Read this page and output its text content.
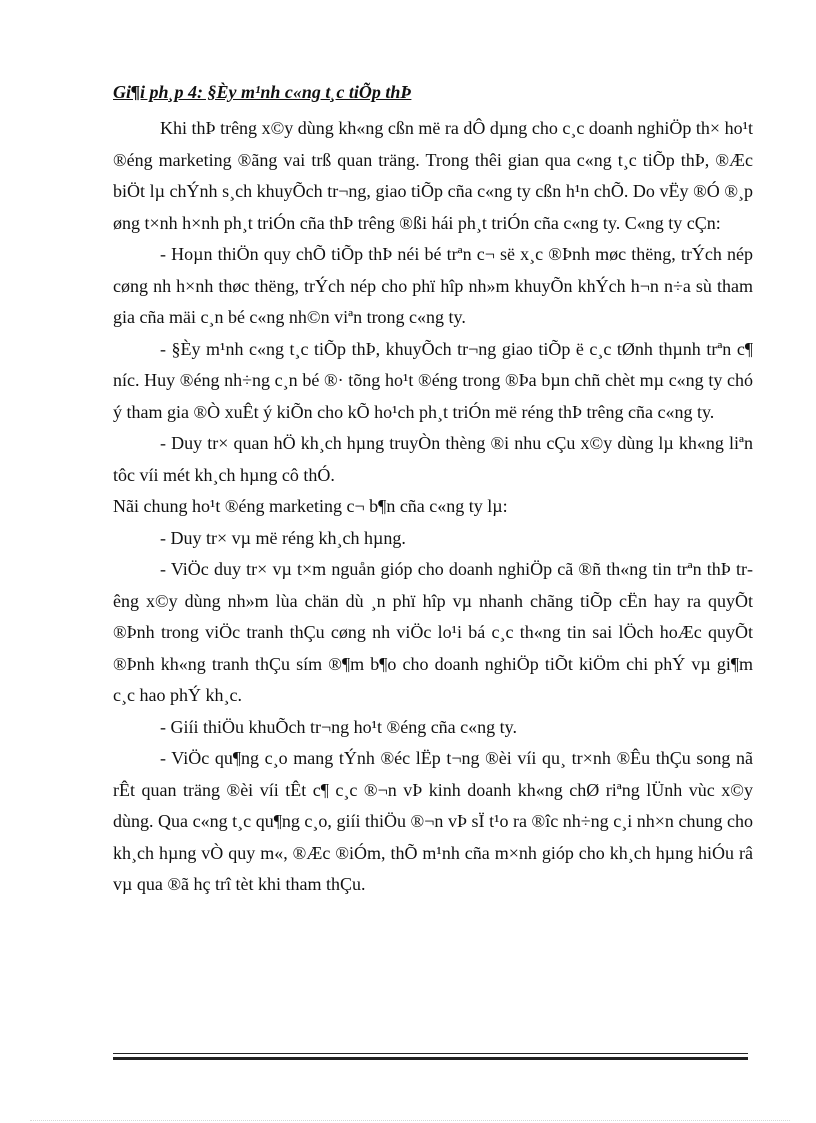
Gi¶i ph¸p 4: §Èy m¹nh c«ng t¸c tiÕp thÞ

Khi thÞ trêng x©y dùng kh«ng cßn më ra dÔ dµng cho c¸c doanh nghiÖp th× ho¹t ®éng marketing ®ãng vai trß quan träng. Trong thêi gian qua c«ng t¸c tiÕp thÞ, ®Æc biÖt lµ chÝnh s¸ch khuyÕch tr¬ng, giao tiÕp cña c«ng ty cßn h¹n chÕ. Do vËy ®Ó ®¸p øng t×nh h×nh ph¸t triÓn cña thÞ trêng ®ßi hái ph¸t triÓn cña c«ng ty. C«ng ty cÇn:

- Hoµn thiÖn quy chÕ tiÕp thÞ néi bé trªn c¬ së x¸c ®Þnh møc thëng, trÝch nép cøng nh h×nh thøc thëng, trÝch nép cho phï hîp nh»m khuyÕn khÝch h¬n n÷a sù tham gia cña mäi c¸n bé c«ng nh©n viªn trong c«ng ty.

- §Èy m¹nh c«ng t¸c tiÕp thÞ, khuyÕch tr¬ng giao tiÕp ë c¸c tØnh thµnh trªn c¶ níc. Huy ®éng nh÷ng c¸n bé ®· tõng ho¹t ®éng trong ®Þa bµn chñ chèt mµ c«ng ty chó ý tham gia ®Ò xuÊt ý kiÕn cho kÕ ho¹ch ph¸t triÓn më réng thÞ trêng cña c«ng ty.

- Duy tr× quan hÖ kh¸ch hµng truyÒn thèng ®i nhu cÇu x©y dùng lµ kh«ng liªn tôc víi mét kh¸ch hµng cô thÓ.

Nãi chung ho¹t ®éng marketing c¬ b¶n cña c«ng ty lµ:

- Duy tr× vµ më réng kh¸ch hµng.

- ViÖc duy tr× vµ t×m nguån gióp cho doanh nghiÖp cã ®ñ th«ng tin trªn thÞ trêng x©y dùng nh»m lùa chän dù ¸n phï hîp vµ nhanh chãng tiÕp cËn hay ra quyÕt ®Þnh trong viÖc tranh thÇu cøng nh viÖc lo¹i bá c¸c th«ng tin sai lÖch hoÆc quyÕt ®Þnh kh«ng tranh thÇu sím ®¶m b¶o cho doanh nghiÖp tiÕt kiÖm chi phÝ vµ gi¶m c¸c hao phÝ kh¸c.

- Giíi thiÖu khuÕch tr¬ng ho¹t ®éng cña c«ng ty.

- ViÖc qu¶ng c¸o mang tÝnh ®éc lËp t¬ng ®èi víi qu¸ tr×nh ®Êu thÇu song nã rÊt quan träng ®èi víi tÊt c¶ c¸c ®¬n vÞ kinh doanh kh«ng chØ riªng lÜnh vùc x©y dùng. Qua c«ng t¸c qu¶ng c¸o, giíi thiÖu ®¬n vÞ sÏ t¹o ra ®îc nh÷ng c¸i nh×n chung cho kh¸ch hµng vÒ quy m«, ®Æc ®iÓm, thÕ m¹nh cña m×nh gióp cho kh¸ch hµng hiÓu râ vµ qua ®ã hç trî tèt khi tham thÇu.
